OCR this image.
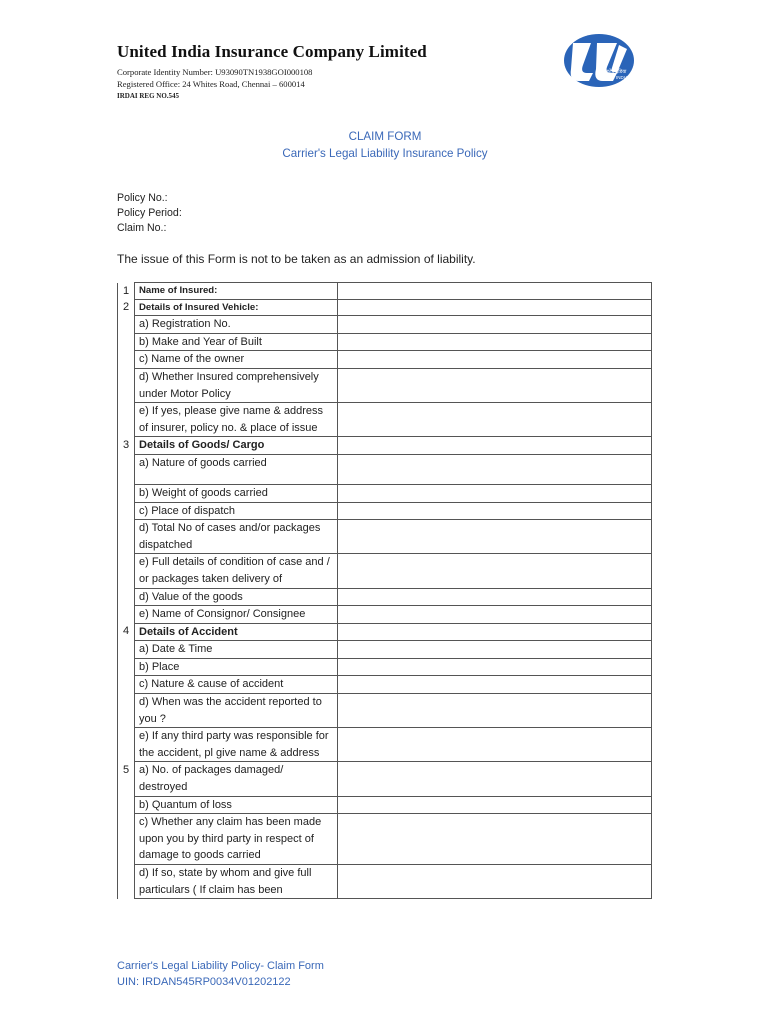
United India Insurance Company Limited
Corporate Identity Number: U93090TN1938GOI000108
Registered Office: 24 Whites Road, Chennai – 600014
IRDAI REG NO.545
युनाइटेड इंडिया
UNITED INDIA
CLAIM FORM
Carrier's Legal Liability Insurance Policy
Policy No.:
Policy Period:
Claim No.:
The issue of this Form is not to be taken as an admission of liability.
1	Name of Insured:	
2	Details of Insured Vehicle:	
	a) Registration No.	
	b) Make and Year of Built	
	c) Name of the owner	
	d) Whether Insured comprehensively under Motor Policy	
	e) If yes, please give name & address of insurer, policy no. & place of issue	
3	Details of Goods/ Cargo	
	a) Nature of goods carried	
	b) Weight of goods carried	
	c) Place of dispatch	
	d) Total No of cases and/or packages dispatched	
	e) Full details of condition of case and / or packages taken delivery of	
	d) Value of the goods	
	e) Name of Consignor/ Consignee	
4	Details of Accident	
	a) Date & Time	
	b) Place	
	c) Nature & cause of accident	
	d) When was the accident reported to you ?	
	e) If any third party was responsible for the accident, pl give name & address	
5	a) No. of packages damaged/ destroyed	
	b) Quantum of loss	
	c) Whether any claim has been made upon you by third party in respect of damage to goods carried	
	d) If so, state by whom and give full particulars ( If claim has been	
Carrier's Legal Liability Policy- Claim Form
UIN: IRDAN545RP0034V01202122
